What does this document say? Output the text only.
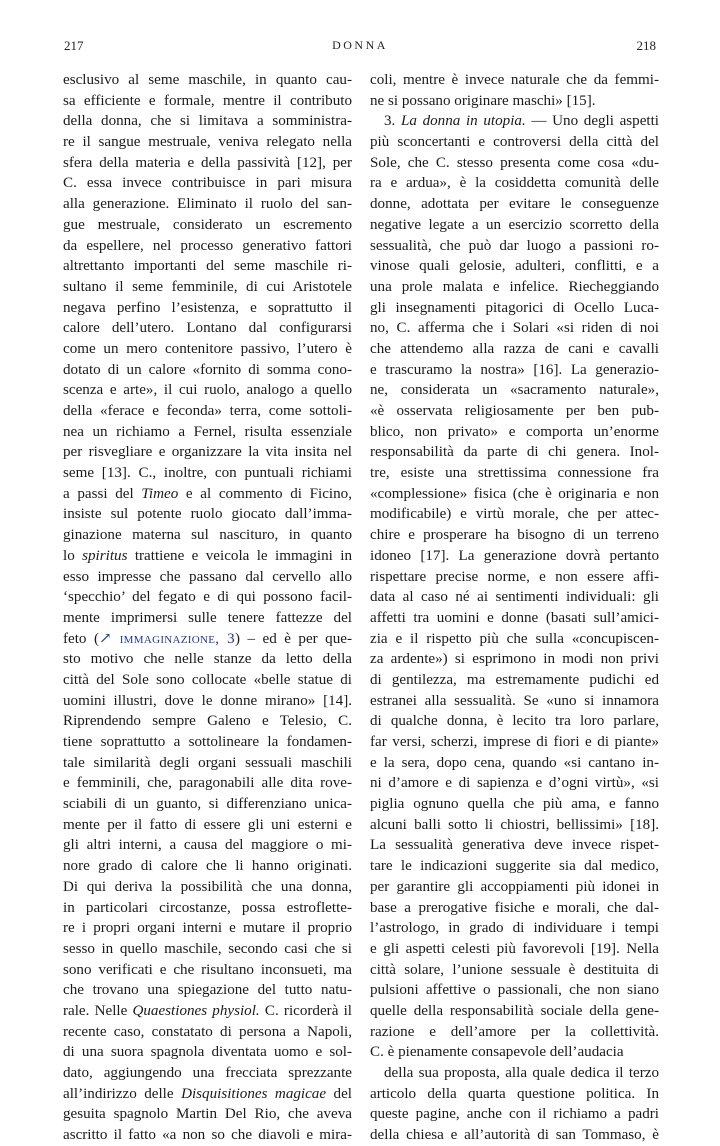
217	DONNA	218
esclusivo al seme maschile, in quanto cau-
sa efficiente e formale, mentre il contributo
della donna, che si limitava a somministra-
re il sangue mestruale, veniva relegato nella
sfera della materia e della passività [12], per
C. essa invece contribuisce in pari misura
alla generazione. Eliminato il ruolo del san-
gue mestruale, considerato un escremento
da espellere, nel processo generativo fattori
altrettanto importanti del seme maschile ri-
sultano il seme femminile, di cui Aristotele
negava perfino l’esistenza, e soprattutto il
calore dell’utero. Lontano dal configurarsi
come un mero contenitore passivo, l’utero è
dotato di un calore «fornito di somma cono-
scenza e arte», il cui ruolo, analogo a quello
della «ferace e feconda» terra, come sottoli-
nea un richiamo a Fernel, risulta essenziale
per risvegliare e organizzare la vita insita nel
seme [13]. C., inoltre, con puntuali richiami
a passi del Timeo e al commento di Ficino,
insiste sul potente ruolo giocato dall’imma-
ginazione materna sul nascituro, in quanto
lo spiritus trattiene e veicola le immagini in
esso impresse che passano dal cervello allo
‘specchio’ del fegato e di qui possono facil-
mente imprimersi sulle tenere fattezze del
feto (↗ immaginazione, 3) – ed è per que-
sto motivo che nelle stanze da letto della
città del Sole sono collocate «belle statue di
uomini illustri, dove le donne mirano» [14].
Riprendendo sempre Galeno e Telesio, C.
tiene soprattutto a sottolineare la fondamen-
tale similarità degli organi sessuali maschili
e femminili, che, paragonabili alle dita rove-
sciabili di un guanto, si differenziano unica-
mente per il fatto di essere gli uni esterni e
gli altri interni, a causa del maggiore o mi-
nore grado di calore che li hanno originati.
Di qui deriva la possibilità che una donna,
in particolari circostanze, possa estroflette-
re i propri organi interni e mutare il proprio
sesso in quello maschile, secondo casi che si
sono verificati e che risultano inconsueti, ma
che trovano una spiegazione del tutto natu-
rale. Nelle Quaestiones physiol. C. ricorderà il
recente caso, constatato di persona a Napoli,
di una suora spagnola diventata uomo e sol-
dato, aggiungendo una frecciata sprezzante
all’indirizzo delle Disquisitiones magicae del
gesuita spagnolo Martin Del Rio, che aveva
ascritto il fatto «a non so che diavoli e mira-
coli, mentre è invece naturale che da femmi-
ne si possano originare maschi» [15].
3. La donna in utopia. — Uno degli aspetti
più sconcertanti e controversi della città del
Sole, che C. stesso presenta come cosa «du-
ra e ardua», è la cosiddetta comunità delle
donne, adottata per evitare le conseguenze
negative legate a un esercizio scorretto della
sessualità, che può dar luogo a passioni ro-
vinose quali gelosie, adulteri, conflitti, e a
una prole malata e infelice. Riecheggiando
gli insegnamenti pitagorici di Ocello Luca-
no, C. afferma che i Solari «si riden di noi
che attendemo alla razza de cani e cavalli
e trascuramo la nostra» [16]. La generazio-
ne, considerata un «sacramento naturale»,
«è osservata religiosamente per ben pub-
blico, non privato» e comporta un’enorme
responsabilità da parte di chi genera. Inol-
tre, esiste una strettissima connessione fra
«complessione» fisica (che è originaria e non
modificabile) e virtù morale, che per attec-
chire e prosperare ha bisogno di un terreno
idoneo [17]. La generazione dovrà pertanto
rispettare precise norme, e non essere affi-
data al caso né ai sentimenti individuali: gli
affetti tra uomini e donne (basati sull’amici-
zia e il rispetto più che sulla «concupiscen-
za ardente») si esprimono in modi non privi
di gentilezza, ma estremamente pudichi ed
estranei alla sessualità. Se «uno si innamora
di qualche donna, è lecito tra loro parlare,
far versi, scherzi, imprese di fiori e di piante»
e la sera, dopo cena, quando «si cantano in-
ni d’amore e di sapienza e d’ogni virtù», «si
piglia ognuno quella che più ama, e fanno
alcuni balli sotto li chiostri, bellissimi» [18].
La sessualità generativa deve invece rispet-
tare le indicazioni suggerite sia dal medico,
per garantire gli accoppiamenti più idonei in
base a prerogative fisiche e morali, che dal-
l’astrologo, in grado di individuare i tempi
e gli aspetti celesti più favorevoli [19]. Nella
città solare, l’unione sessuale è destituita di
pulsioni affettive o passionali, che non siano
quelle della responsabilità sociale della gene-
razione e dell’amore per la collettività.
C. è pienamente consapevole dell’audacia
della sua proposta, alla quale dedica il terzo
articolo della quarta questione politica. In
queste pagine, anche con il richiamo a padri
della chiesa e all’autorità di san Tommaso, è
